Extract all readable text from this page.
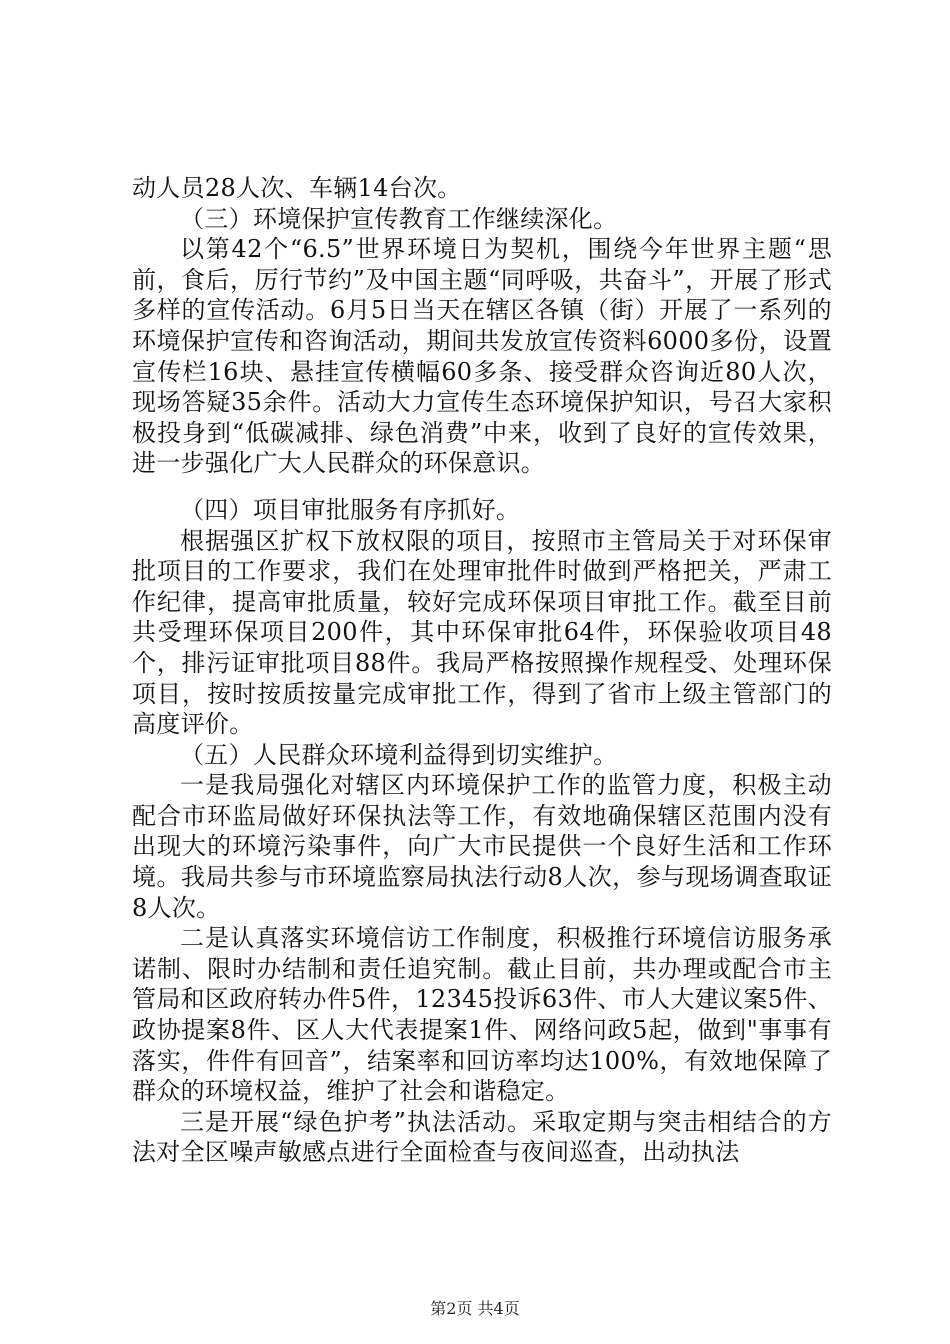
动人员28人次、车辆14台次。

（三）环境保护宣传教育工作继续深化。

以第42个“6.5”世界环境日为契机，围绕今年世界主题“思前，食后，厉行节约”及中国主题“同呼吸，共奋斗”，开展了形式多样的宣传活动。6月5日当天在辖区各镇（街）开展了一系列的环境保护宣传和咨询活动，期间共发放宣传资料6000多份，设置宣传栏16块、悬挂宣传横幅60多条、接受群众咨询近80人次，现场答疑35余件。活动大力宣传生态环境保护知识，号召大家积极投身到“低碳减排、绿色消费”中来，收到了良好的宣传效果，进一步强化广大人民群众的环保意识。

（四）项目审批服务有序抓好。

根据强区扩权下放权限的项目，按照市主管局关于对环保审批项目的工作要求，我们在处理审批件时做到严格把关，严肃工作纪律，提高审批质量，较好完成环保项目审批工作。截至目前共受理环保项目200件，其中环保审批64件，环保验收项目48个，排污证审批项目88件。我局严格按照操作规程受、处理环保项目，按时按质按量完成审批工作，得到了省市上级主管部门的高度评价。

（五）人民群众环境利益得到切实维护。

一是我局强化对辖区内环境保护工作的监管力度，积极主动配合市环监局做好环保执法等工作，有效地确保辖区范围内没有出现大的环境污染事件，向广大市民提供一个良好生活和工作环境。我局共参与市环境监察局执法行动8人次，参与现场调查取证8人次。

二是认真落实环境信访工作制度，积极推行环境信访服务承诺制、限时办结制和责任追究制。截止目前，共办理或配合市主管局和区政府转办件5件，12345投诉63件、市人大建议案5件、政协提案8件、区人大代表提案1件、网络问政5起，做到"事事有落实，件件有回音”，结案率和回访率均达100%，有效地保障了群众的环境权益，维护了社会和谐稳定。

三是开展“绿色护考”执法活动。采取定期与突击相结合的方法对全区噪声敏感点进行全面检查与夜间巡查，出动执法

第2页 共4页
